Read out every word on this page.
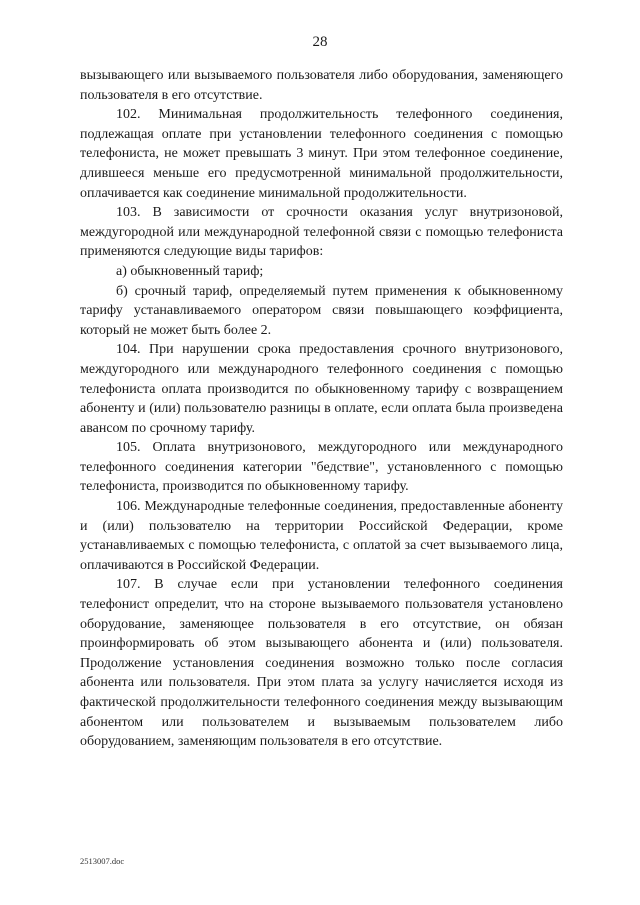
28

вызывающего или вызываемого пользователя либо оборудования, заменяющего пользователя в его отсутствие.

102. Минимальная продолжительность телефонного соединения, подлежащая оплате при установлении телефонного соединения с помощью телефониста, не может превышать 3 минут. При этом телефонное соединение, длившееся меньше его предусмотренной минимальной продолжительности, оплачивается как соединение минимальной продолжительности.

103. В зависимости от срочности оказания услуг внутризоновой, междугородной или международной телефонной связи с помощью телефониста применяются следующие виды тарифов:

а) обыкновенный тариф;

б) срочный тариф, определяемый путем применения к обыкновенному тарифу устанавливаемого оператором связи повышающего коэффициента, который не может быть более 2.

104. При нарушении срока предоставления срочного внутризонового, междугородного или международного телефонного соединения с помощью телефониста оплата производится по обыкновенному тарифу с возвращением абоненту и (или) пользователю разницы в оплате, если оплата была произведена авансом по срочному тарифу.

105. Оплата внутризонового, междугородного или международного телефонного соединения категории "бедствие", установленного с помощью телефониста, производится по обыкновенному тарифу.

106. Международные телефонные соединения, предоставленные абоненту и (или) пользователю на территории Российской Федерации, кроме устанавливаемых с помощью телефониста, с оплатой за счет вызываемого лица, оплачиваются в Российской Федерации.

107. В случае если при установлении телефонного соединения телефонист определит, что на стороне вызываемого пользователя установлено оборудование, заменяющее пользователя в его отсутствие, он обязан проинформировать об этом вызывающего абонента и (или) пользователя. Продолжение установления соединения возможно только после согласия абонента или пользователя. При этом плата за услугу начисляется исходя из фактической продолжительности телефонного соединения между вызывающим абонентом или пользователем и вызываемым пользователем либо оборудованием, заменяющим пользователя в его отсутствие.

2513007.doc
